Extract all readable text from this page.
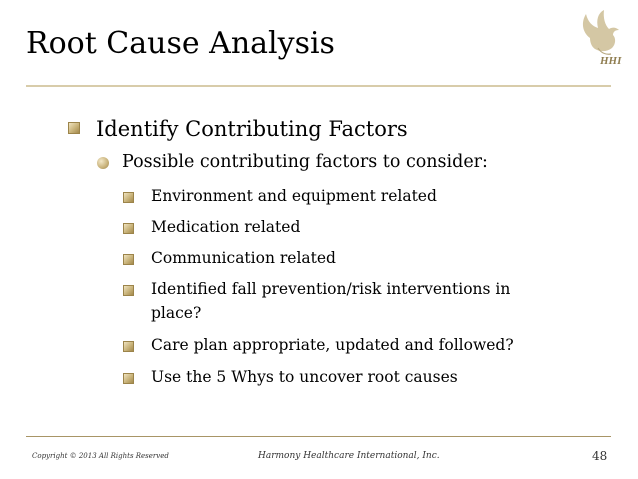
Root Cause Analysis	HHI
Identify Contributing Factors
Possible contributing factors to consider:
Environment and equipment related
Medication related
Communication related
Identified fall prevention/risk interventions in
place?
Care plan appropriate, updated and followed?
Use the 5 Whys to uncover root causes
Copyright © 2013 All Rights Reserved	Harmony Healthcare International, Inc.	48
